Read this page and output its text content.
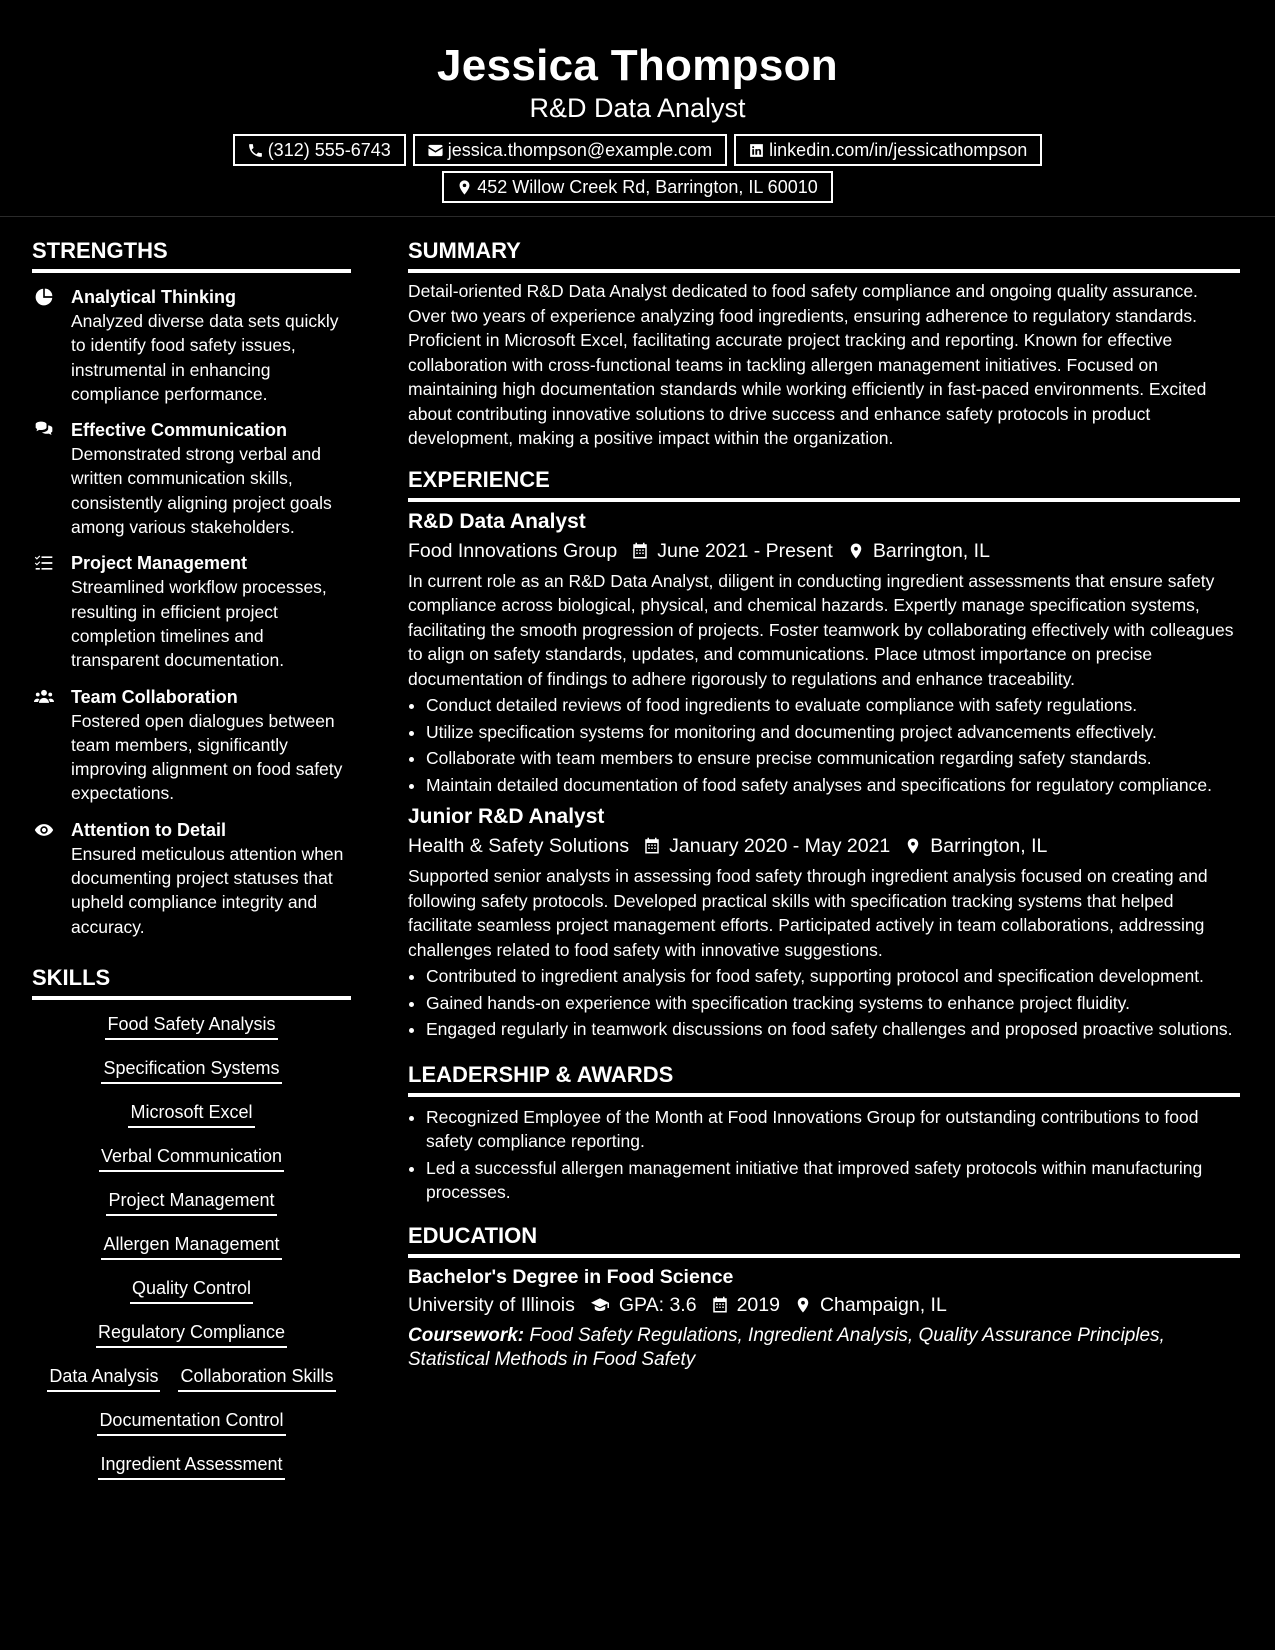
Jessica Thompson
R&D Data Analyst
(312) 555-6743	jessica.thompson@example.com	linkedin.com/in/jessicathompson
452 Willow Creek Rd, Barrington, IL 60010
STRENGTHS
Analytical Thinking
Analyzed diverse data sets quickly to identify food safety issues, instrumental in enhancing compliance performance.
Effective Communication
Demonstrated strong verbal and written communication skills, consistently aligning project goals among various stakeholders.
Project Management
Streamlined workflow processes, resulting in efficient project completion timelines and transparent documentation.
Team Collaboration
Fostered open dialogues between team members, significantly improving alignment on food safety expectations.
Attention to Detail
Ensured meticulous attention when documenting project statuses that upheld compliance integrity and accuracy.
SKILLS
Food Safety Analysis
Specification Systems
Microsoft Excel
Verbal Communication
Project Management
Allergen Management
Quality Control
Regulatory Compliance
Data Analysis Collaboration Skills
Documentation Control
Ingredient Assessment
SUMMARY
Detail-oriented R&D Data Analyst dedicated to food safety compliance and ongoing quality assurance. Over two years of experience analyzing food ingredients, ensuring adherence to regulatory standards. Proficient in Microsoft Excel, facilitating accurate project tracking and reporting. Known for effective collaboration with cross-functional teams in tackling allergen management initiatives. Focused on maintaining high documentation standards while working efficiently in fast-paced environments. Excited about contributing innovative solutions to drive success and enhance safety protocols in product development, making a positive impact within the organization.
EXPERIENCE
R&D Data Analyst
Food Innovations Group June 2021 - Present Barrington, IL
In current role as an R&D Data Analyst, diligent in conducting ingredient assessments that ensure safety compliance across biological, physical, and chemical hazards. Expertly manage specification systems, facilitating the smooth progression of projects. Foster teamwork by collaborating effectively with colleagues to align on safety standards, updates, and communications. Place utmost importance on precise documentation of findings to adhere rigorously to regulations and enhance traceability.
• Conduct detailed reviews of food ingredients to evaluate compliance with safety regulations.
• Utilize specification systems for monitoring and documenting project advancements effectively.
• Collaborate with team members to ensure precise communication regarding safety standards.
• Maintain detailed documentation of food safety analyses and specifications for regulatory compliance.
Junior R&D Analyst
Health & Safety Solutions January 2020 - May 2021 Barrington, IL
Supported senior analysts in assessing food safety through ingredient analysis focused on creating and following safety protocols. Developed practical skills with specification tracking systems that helped facilitate seamless project management efforts. Participated actively in team collaborations, addressing challenges related to food safety with innovative suggestions.
• Contributed to ingredient analysis for food safety, supporting protocol and specification development.
• Gained hands-on experience with specification tracking systems to enhance project fluidity.
• Engaged regularly in teamwork discussions on food safety challenges and proposed proactive solutions.
LEADERSHIP & AWARDS
• Recognized Employee of the Month at Food Innovations Group for outstanding contributions to food safety compliance reporting.
• Led a successful allergen management initiative that improved safety protocols within manufacturing processes.
EDUCATION
Bachelor's Degree in Food Science
University of Illinois GPA: 3.6 2019 Champaign, IL
Coursework: Food Safety Regulations, Ingredient Analysis, Quality Assurance Principles, Statistical Methods in Food Safety
